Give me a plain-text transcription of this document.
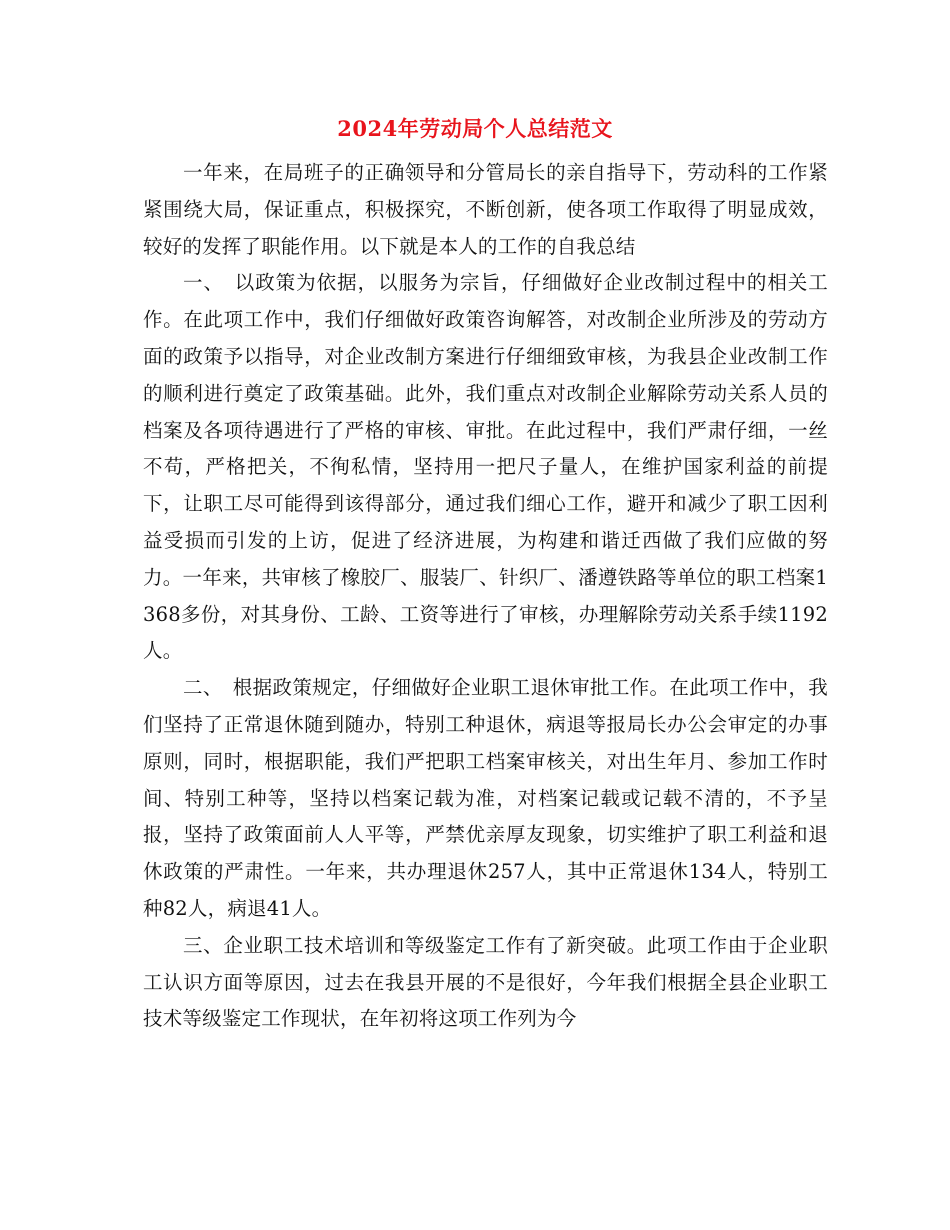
2024年劳动局个人总结范文

一年来，在局班子的正确领导和分管局长的亲自指导下，劳动科的工作紧紧围绕大局，保证重点，积极探究，不断创新，使各项工作取得了明显成效，较好的发挥了职能作用。以下就是本人的工作的自我总结

一、　以政策为依据，以服务为宗旨，仔细做好企业改制过程中的相关工作。在此项工作中，我们仔细做好政策咨询解答，对改制企业所涉及的劳动方面的政策予以指导，对企业改制方案进行仔细细致审核，为我县企业改制工作的顺利进行奠定了政策基础。此外，我们重点对改制企业解除劳动关系人员的档案及各项待遇进行了严格的审核、审批。在此过程中，我们严肃仔细，一丝不苟，严格把关，不徇私情，坚持用一把尺子量人，在维护国家利益的前提下，让职工尽可能得到该得部分，通过我们细心工作，避开和减少了职工因利益受损而引发的上访，促进了经济进展，为构建和谐迁西做了我们应做的努力。一年来，共审核了橡胶厂、服装厂、针织厂、潘遵铁路等单位的职工档案1368多份，对其身份、工龄、工资等进行了审核，办理解除劳动关系手续1192人。

二、　根据政策规定，仔细做好企业职工退休审批工作。在此项工作中，我们坚持了正常退休随到随办，特别工种退休，病退等报局长办公会审定的办事原则，同时，根据职能，我们严把职工档案审核关，对出生年月、参加工作时间、特别工种等，坚持以档案记载为准，对档案记载或记载不清的，不予呈报，坚持了政策面前人人平等，严禁优亲厚友现象，切实维护了职工利益和退休政策的严肃性。一年来，共办理退休257人，其中正常退休134人，特别工种82人，病退41人。

三、企业职工技术培训和等级鉴定工作有了新突破。此项工作由于企业职工认识方面等原因，过去在我县开展的不是很好，今年我们根据全县企业职工技术等级鉴定工作现状，在年初将这项工作列为今
